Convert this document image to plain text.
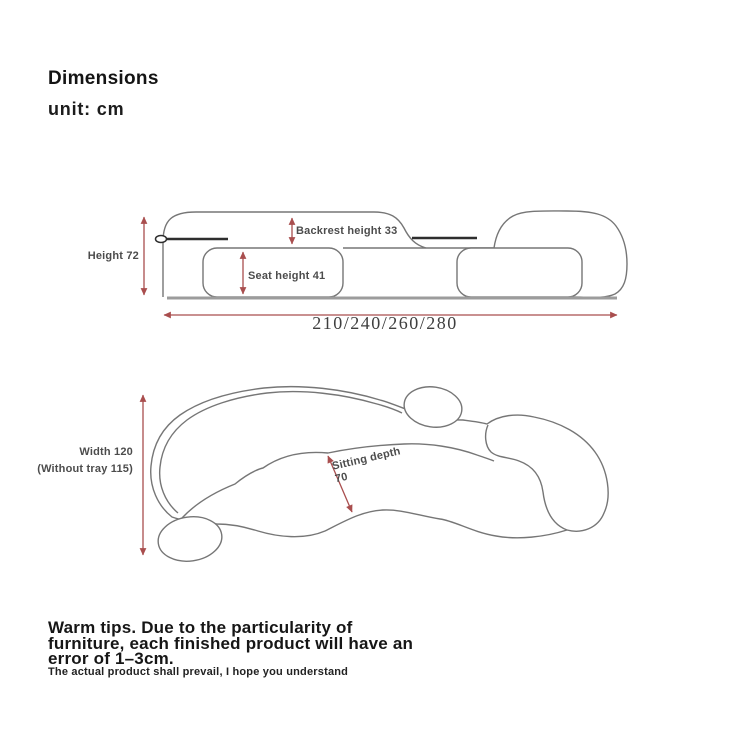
Dimensions
unit: cm
Height 72
Backrest height 33
Seat height 41
210/240/260/280
Width 120
(Without tray 115)	Sitting depth
70
Warm tips. Due to the particularity of
furniture, each finished product will have an
error of 1–3cm.
The actual product shall prevail, I hope you understand
